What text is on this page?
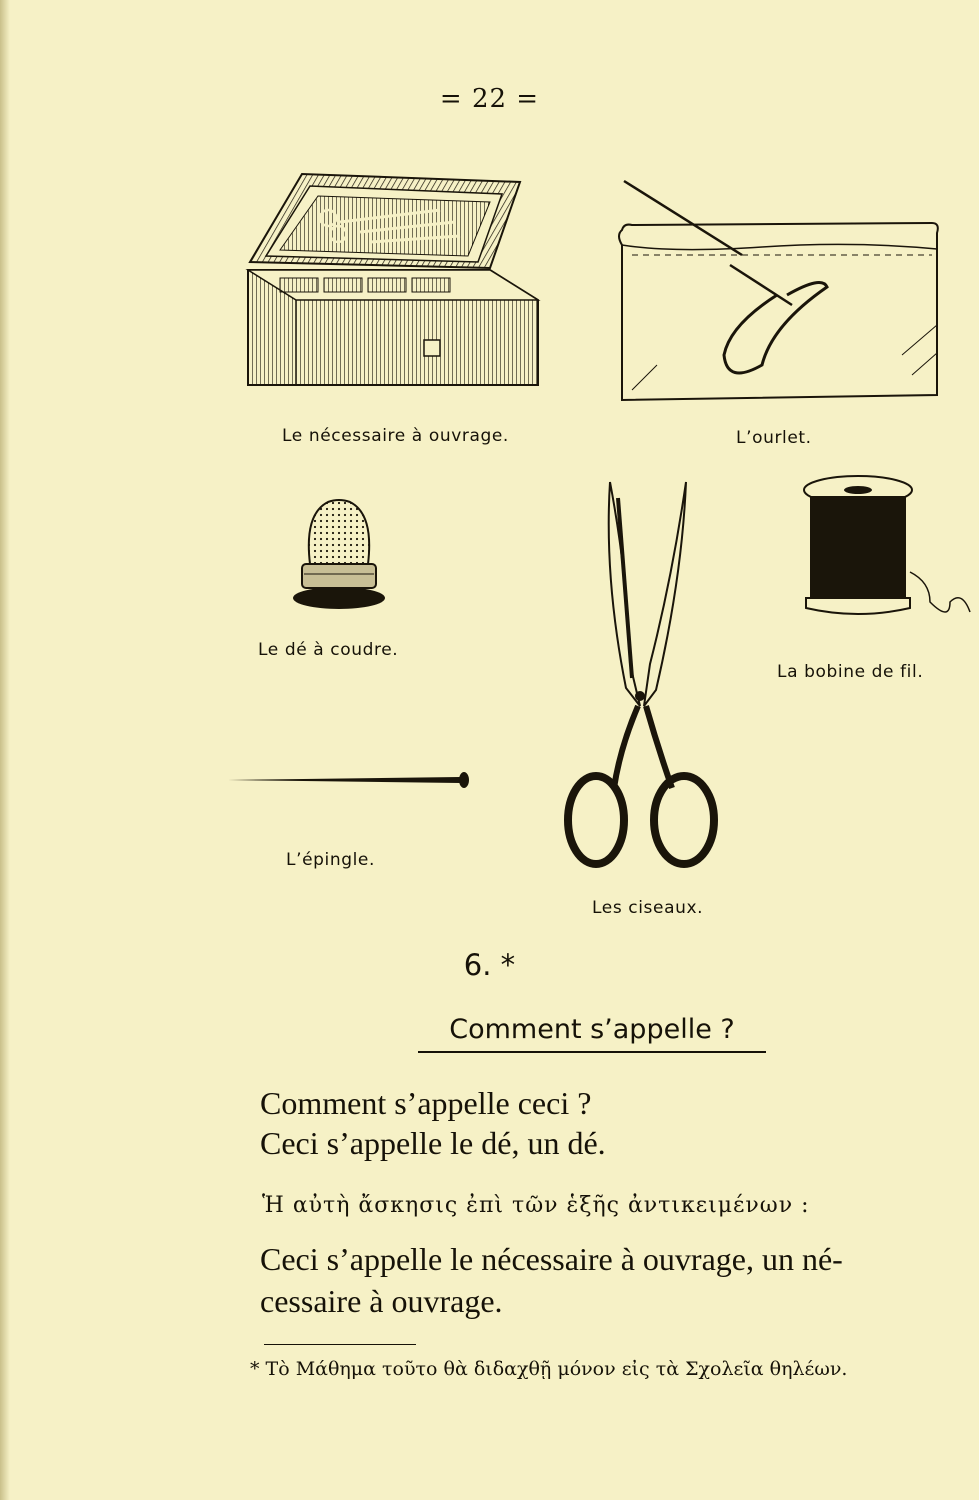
= 22 =
Le nécessaire à ouvrage.	L’ourlet.
Le dé à coudre.
Les ciseaux.
La bobine de fil.
L’épingle.
6. *
Comment s’appelle ?
Comment s’appelle ceci ?
Ceci s’appelle le dé, un dé.
Ἡ αὐτὴ ἄσκησις ἐπὶ τῶν ἑξῆς ἀντικειμένων :
Ceci s’appelle le nécessaire à ouvrage, un né-
cessaire à ouvrage.
* Τὸ Μάθημα τοῦτο θὰ διδαχθῇ μόνον εἰς τὰ Σχολεῖα θηλέων.
